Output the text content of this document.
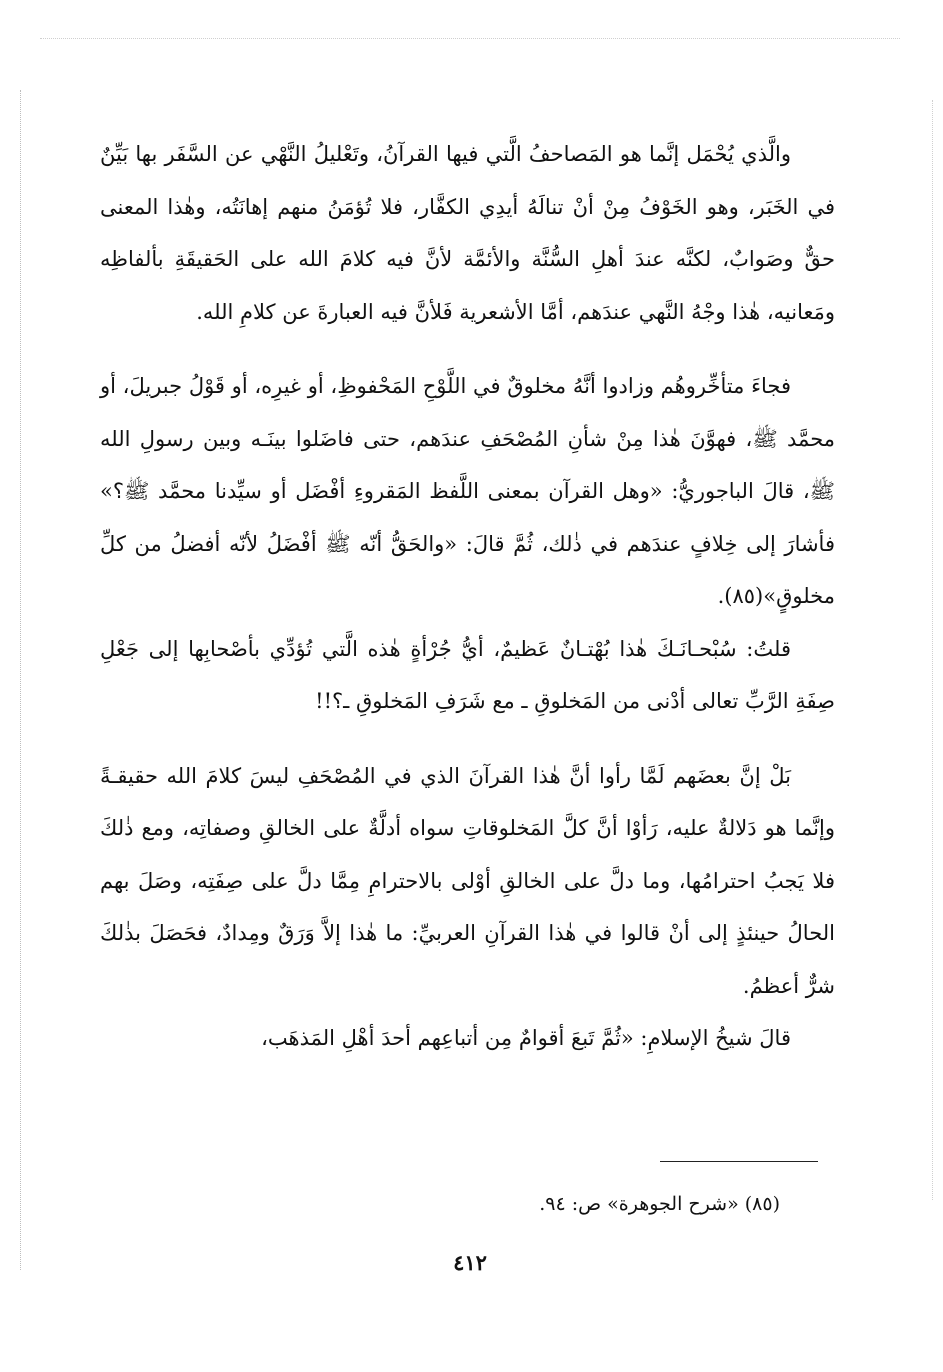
والَّذي يُحْمَل إنَّما هو المَصاحفُ الَّتي فيها القرآنُ، وتَعْليلُ النَّهْي عن السَّفَر بها بَيِّنٌ في الخَبَر، وهو الخَوْفُ مِنْ أنْ تنالَهُ أيدِي الكفَّار، فلا تُؤمَنُ منهم إهانَتُه، وهٰذا المعنى حقٌّ وصَوابٌ، لكنَّه عندَ أهلِ السُّنَّة والأئمَّة لأنَّ فيه كلامَ الله على الحَقيقَةِ بألفاظِه ومَعانيه، هٰذا وجْهُ النَّهي عندَهم، أمَّا الأشعرية فَلأنَّ فيه العبارةَ عن كلامِ الله.

فجاءَ متأخِّروهُم وزادوا أنَّهُ مخلوقٌ في اللَّوْحِ المَحْفوظِ، أو غيرِه، أو قَوْلُ جبريلَ، أو محمَّد ﷺ، فهوَّنَ هٰذا مِنْ شأنِ المُصْحَفِ عندَهم، حتى فاضَلوا بينَـه وبين رسولِ الله ﷺ، قالَ الباجوريُّ: «وهل القرآن بمعنى اللَّفظ المَقروءِ أفْضَل أو سيِّدنا محمَّد ﷺ؟» فأشارَ إلى خِلافٍ عندَهم في ذٰلك، ثُمَّ قالَ: «والحَقُّ أنّه ﷺ أفْضَلُ لأنّه أفضلُ من كلِّ مخلوقٍ»(٨٥).

قلتُ: سُبْحـانَـكَ هٰذا بُهْتـانٌ عَظيمٌ، أيُّ جُرْأةٍ هٰذه الَّتي تُؤدِّي بأصْحابِها إلى جَعْلِ صِفَةِ الرَّبِّ تعالى أدْنى من المَخلوقِ ـ مع شَرَفِ المَخلوقِ ـ؟!!

بَلْ إنَّ بعضَهم لَمَّا رأوا أنَّ هٰذا القرآنَ الذي في المُصْحَفِ ليسَ كلامَ الله حقيقـةً وإنَّما هو دَلالةٌ عليه، رَأوْا أنَّ كلَّ المَخلوقاتِ سواه أدلَّةٌ على الخالقِ وصفاتِه، ومع ذٰلكَ فلا يَجبُ احترامُها، وما دلَّ على الخالقِ أوْلى بالاحترامِ مِمَّا دلَّ على صِفَتِه، وصَلَ بهم الحالُ حينئذٍ إلى أنْ قالوا في هٰذا القرآنِ العربيِّ: ما هٰذا إلاَّ وَرَقٌ ومِدادٌ، فحَصَلَ بذٰلكَ شرٌّ أعظمُ.

قالَ شيخُ الإسلامِ: «ثُمَّ تَبعَ أقوامٌ مِن أتباعِهم أحدَ أهْلِ المَذهَب،

(٨٥) «شرح الجوهرة» ص: ٩٤.
٤١٢
